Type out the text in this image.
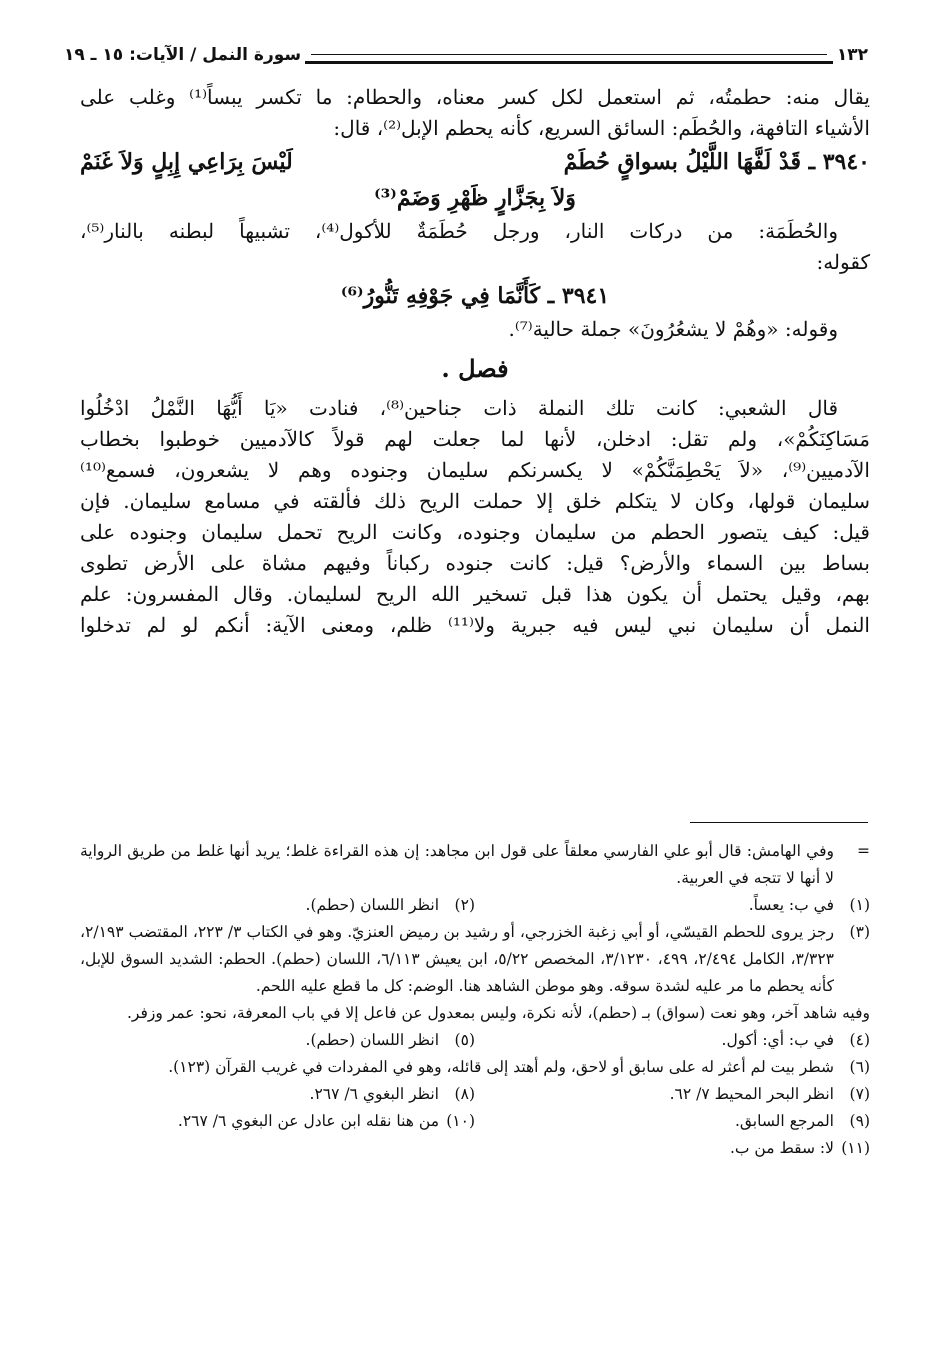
١٣٢
سورة النمل / الآيات: ١٥ ـ ١٩
يقال منه: حطمتُه، ثم استعمل لكل كسر معناه، والحطام: ما تكسر يبساً⁽¹⁾ وغلب على
الأشياء التافهة، والحُطَم: السائق السريع، كأنه يحطم الإبل⁽²⁾، قال:
٣٩٤٠ ـ قَدْ لَفَّهَا اللَّيْلُ بسواقٍ حُطَمْ
لَيْسَ بِرَاعِي إِبِلٍ وَلاَ غَنَمْ
وَلاَ بِجَزَّارٍ ظَهْرِ وَضَمْ⁽³⁾
والحُطَمَة: من دركات النار، ورجل حُطَمَةٌ للأكول⁽⁴⁾، تشبيهاً لبطنه بالنار⁽⁵⁾،
كقوله:
٣٩٤١ ـ كَأَنَّمَا فِي جَوْفِهِ تَنُّورُ⁽⁶⁾
وقوله: «وهُمْ لا يشعُرُونَ» جملة حالية⁽⁷⁾.
فصل .
قال الشعبي: كانت تلك النملة ذات جناحين⁽⁸⁾، فنادت «يَا أَيُّهَا النَّمْلُ ادْخُلُوا
مَسَاكِنَكُمْ»، ولم تقل: ادخلن، لأنها لما جعلت لهم قولاً كالآدميين خوطبوا بخطاب
الآدميين⁽⁹⁾، «لاَ يَحْطِمَنَّكُمْ» لا يكسرنكم سليمان وجنوده وهم لا يشعرون، فسمع⁽¹⁰⁾
سليمان قولها، وكان لا يتكلم خلق إلا حملت الريح ذلك فألقته في مسامع سليمان. فإن
قيل: كيف يتصور الحطم من سليمان وجنوده، وكانت الريح تحمل سليمان وجنوده على
بساط بين السماء والأرض؟ قيل: كانت جنوده ركباناً وفيهم مشاة على الأرض تطوى
بهم، وقيل يحتمل أن يكون هذا قبل تسخير الله الريح لسليمان. وقال المفسرون: علم
النمل أن سليمان نبي ليس فيه جبرية ولا⁽¹¹⁾ ظلم، ومعنى الآية: أنكم لو لم تدخلوا
=
وفي الهامش: قال أبو علي الفارسي معلقاً على قول ابن مجاهد: إن هذه القراءة غلط؛ يريد أنها غلط من طريق الرواية لا أنها لا تتجه في العربية.
(١)
في ب: يعساً.
(٢)
انظر اللسان (حطم).
(٣)
رجز يروى للحطم القيسّي، أو أبي زغبة الخزرجي، أو رشيد بن رميض العنزيّ. وهو في الكتاب ٣/ ٢٢٣، المقتضب ٢/١٩٣، ٣/٣٢٣، الكامل ٢/٤٩٤، ٤٩٩، ٣/١٢٣٠، المخصص ٥/٢٢، ابن يعيش ٦/١١٣، اللسان (حطم). الحطم: الشديد السوق للإبل، كأنه يحطم ما مر عليه لشدة سوقه. وهو موطن الشاهد هنا. الوضم: كل ما قطع عليه اللحم.
وفيه شاهد آخر، وهو نعت (سواق) بـ (حطم)، لأنه نكرة، وليس بمعدول عن فاعل إلا في باب المعرفة، نحو: عمر وزفر.
(٤)
في ب: أي: أكول.
(٥)
انظر اللسان (حطم).
(٦)
شطر بيت لم أعثر له على سابق أو لاحق، ولم أهتد إلى قائله، وهو في المفردات في غريب القرآن (١٢٣).
(٧)
انظر البحر المحيط ٧/ ٦٢.
(٨)
انظر البغوي ٦/ ٢٦٧.
(٩)
المرجع السابق.
(١٠)
من هنا نقله ابن عادل عن البغوي ٦/ ٢٦٧.
(١١)
لا: سقط من ب.
